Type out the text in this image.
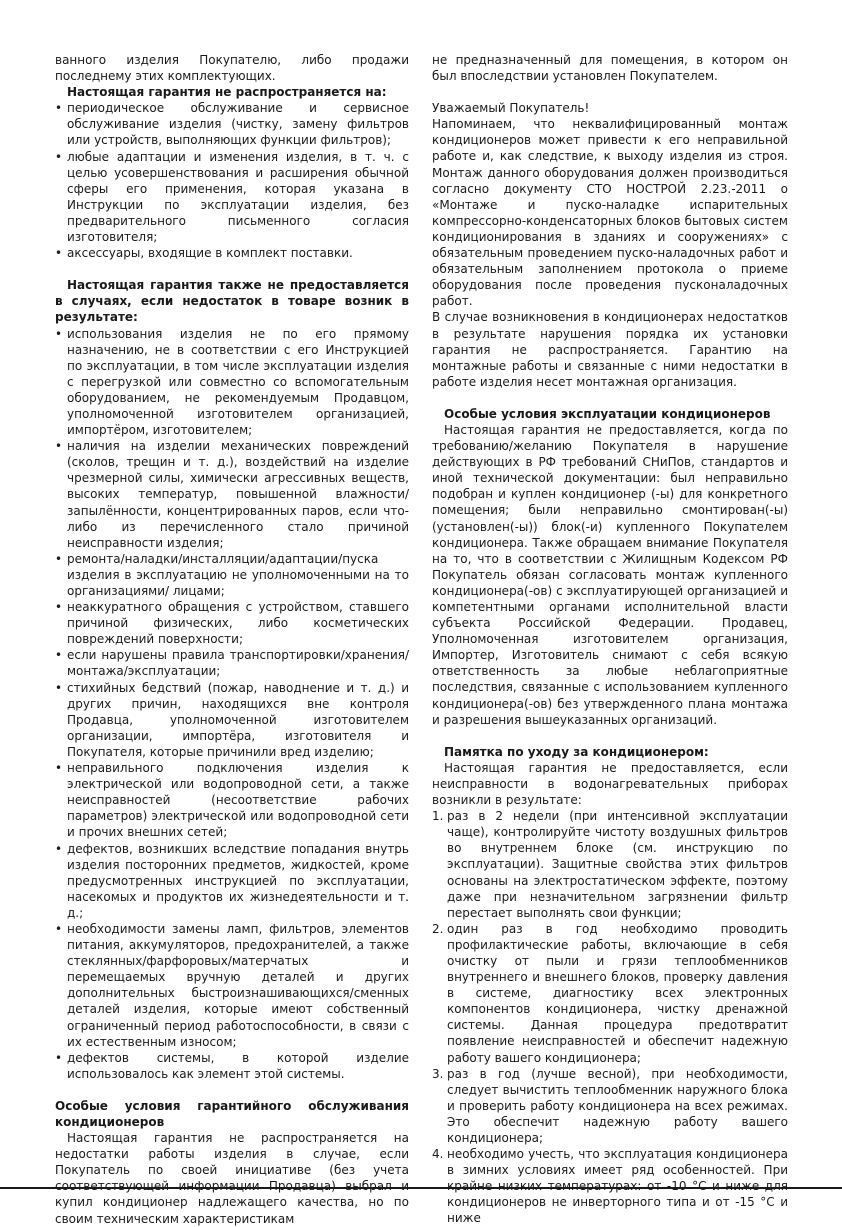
ванного изделия Покупателю, либо продажи последнему этих комплектующих.

Настоящая гарантия не распространяется на:

• периодическое обслуживание и сервисное обслуживание изделия (чистку, замену фильтров или устройств, выполняющих функции фильтров);
• любые адаптации и изменения изделия, в т. ч. с целью усовершенствования и расширения обычной сферы его применения, которая указана в Инструкции по эксплуатации изделия, без предварительного письменного согласия изготовителя;
• аксессуары, входящие в комплект поставки.

Настоящая гарантия также не предоставляется в случаях, если недостаток в товаре возник в результате:

• использования изделия не по его прямому назначению, не в соответствии с его Инструкцией по эксплуатации, в том числе эксплуатации изделия с перегрузкой или совместно со вспомогательным оборудованием, не рекомендуемым Продавцом, уполномоченной изготовителем организацией, импортёром, изготовителем;
• наличия на изделии механических повреждений (сколов, трещин и т. д.), воздействий на изделие чрезмерной силы, химически агрессивных веществ, высоких температур, повышенной влажности/запылённости, концентрированных паров, если что-либо из перечисленного стало причиной неисправности изделия;
• ремонта/наладки/инсталляции/адаптации/пуска изделия в эксплуатацию не уполномоченными на то организациями/ лицами;
• неаккуратного обращения с устройством, ставшего причиной физических, либо косметических повреждений поверхности;
• если нарушены правила транспортировки/хранения/ монтажа/эксплуатации;
• стихийных бедствий (пожар, наводнение и т. д.) и других причин, находящихся вне контроля Продавца, уполномоченной изготовителем организации, импортёра, изготовителя и Покупателя, которые причинили вред изделию;
• неправильного подключения изделия к электрической или водопроводной сети, а также неисправностей (несоответствие рабочих параметров) электрической или водопроводной сети и прочих внешних сетей;
• дефектов, возникших вследствие попадания внутрь изделия посторонних предметов, жидкостей, кроме предусмотренных инструкцией по эксплуатации, насекомых и продуктов их жизнедеятельности и т. д.;
• необходимости замены ламп, фильтров, элементов питания, аккумуляторов, предохранителей, а также стеклянных/фарфоровых/матерчатых и перемещаемых вручную деталей и других дополнительных быстроизнашивающихся/сменных деталей изделия, которые имеют собственный ограниченный период работоспособности, в связи с их естественным износом;
• дефектов системы, в которой изделие использовалось как элемент этой системы.

Особые условия гарантийного обслуживания кондиционеров

Настоящая гарантия не распространяется на недостатки работы изделия в случае, если Покупатель по своей инициативе (без учета купил кондиционер надлежащего качества, но по своим техническим характеристикам

не предназначенный для помещения, в котором он был впоследствии установлен Покупателем.

Уважаемый Покупатель!

Напоминаем, что неквалифицированный монтаж кондиционеров может привести к его неправильной работе и, как следствие, к выходу изделия из строя. Монтаж данного оборудования должен производиться согласно документу СТО НОСТРОЙ 2.23.-2011 о «Монтаже и пуско-наладке испарительных компрессорно-конденсаторных блоков бытовых систем кондиционирования в зданиях и сооружениях» с обязательным проведением пуско-наладочных работ и обязательным заполнением протокола о приеме оборудования после проведения пусконаладочных работ.

В случае возникновения в кондиционерах недостатков в результате нарушения порядка их установки гарантия не распространяется. Гарантию на монтажные работы и связанные с ними недостатки в работе изделия несет монтажная организация.

Особые условия эксплуатации кондиционеров

Настоящая гарантия не предоставляется, когда по требованию/желанию Покупателя в нарушение действующих в РФ требований СНиПов, стандартов и иной технической документации: был неправильно подобран и куплен кондиционер (-ы) для конкретного помещения; были неправильно смонтирован(-ы) (установлен(-ы)) блок(-и) купленного Покупателем кондиционера. Также обращаем внимание Покупателя на то, что в соответствии с Жилищным Кодексом РФ Покупатель обязан согласовать монтаж купленного кондиционера(-ов) с эксплуатирующей организацией и компетентными органами исполнительной власти субъекта Российской Федерации. Продавец, Уполномоченная изготовителем организация, Импортер, Изготовитель снимают с себя всякую ответственность за любые неблагоприятные последствия, связанные с использованием купленного кондиционера(-ов) без утвержденного плана монтажа и разрешения вышеуказанных организаций.

Памятка по уходу за кондиционером:

Настоящая гарантия не предоставляется, если неисправности в водонагревательных приборах возникли в результате:

1. раз в 2 недели (при интенсивной эксплуатации чаще), контролируйте чистоту воздушных фильтров во внутреннем блоке (см. инструкцию по эксплуатации). Защитные свойства этих фильтров основаны на электростатическом эффекте, поэтому даже при незначительном загрязнении фильтр перестает выполнять свои функции;
2. один раз в год необходимо проводить профилактические работы, включающие в себя очистку от пыли и грязи теплообменников внутреннего и внешнего блоков, проверку давления в системе, диагностику всех электронных компонентов кондиционера, чистку дренажной системы. Данная процедура предотвратит появление неисправностей и обеспечит надежную работу вашего кондиционера;
3. раз в год (лучше весной), при необходимости, следует вычистить теплообменник наружного блока и проверить работу кондиционера на всех режимах. Это обеспечит надежную работу вашего кондиционера;
4. необходимо учесть, что эксплуатация кондиционера в зимних условиях имеет ряд особенностей. При кондиционеров не инверторного типа и от -15 °С и ниже
